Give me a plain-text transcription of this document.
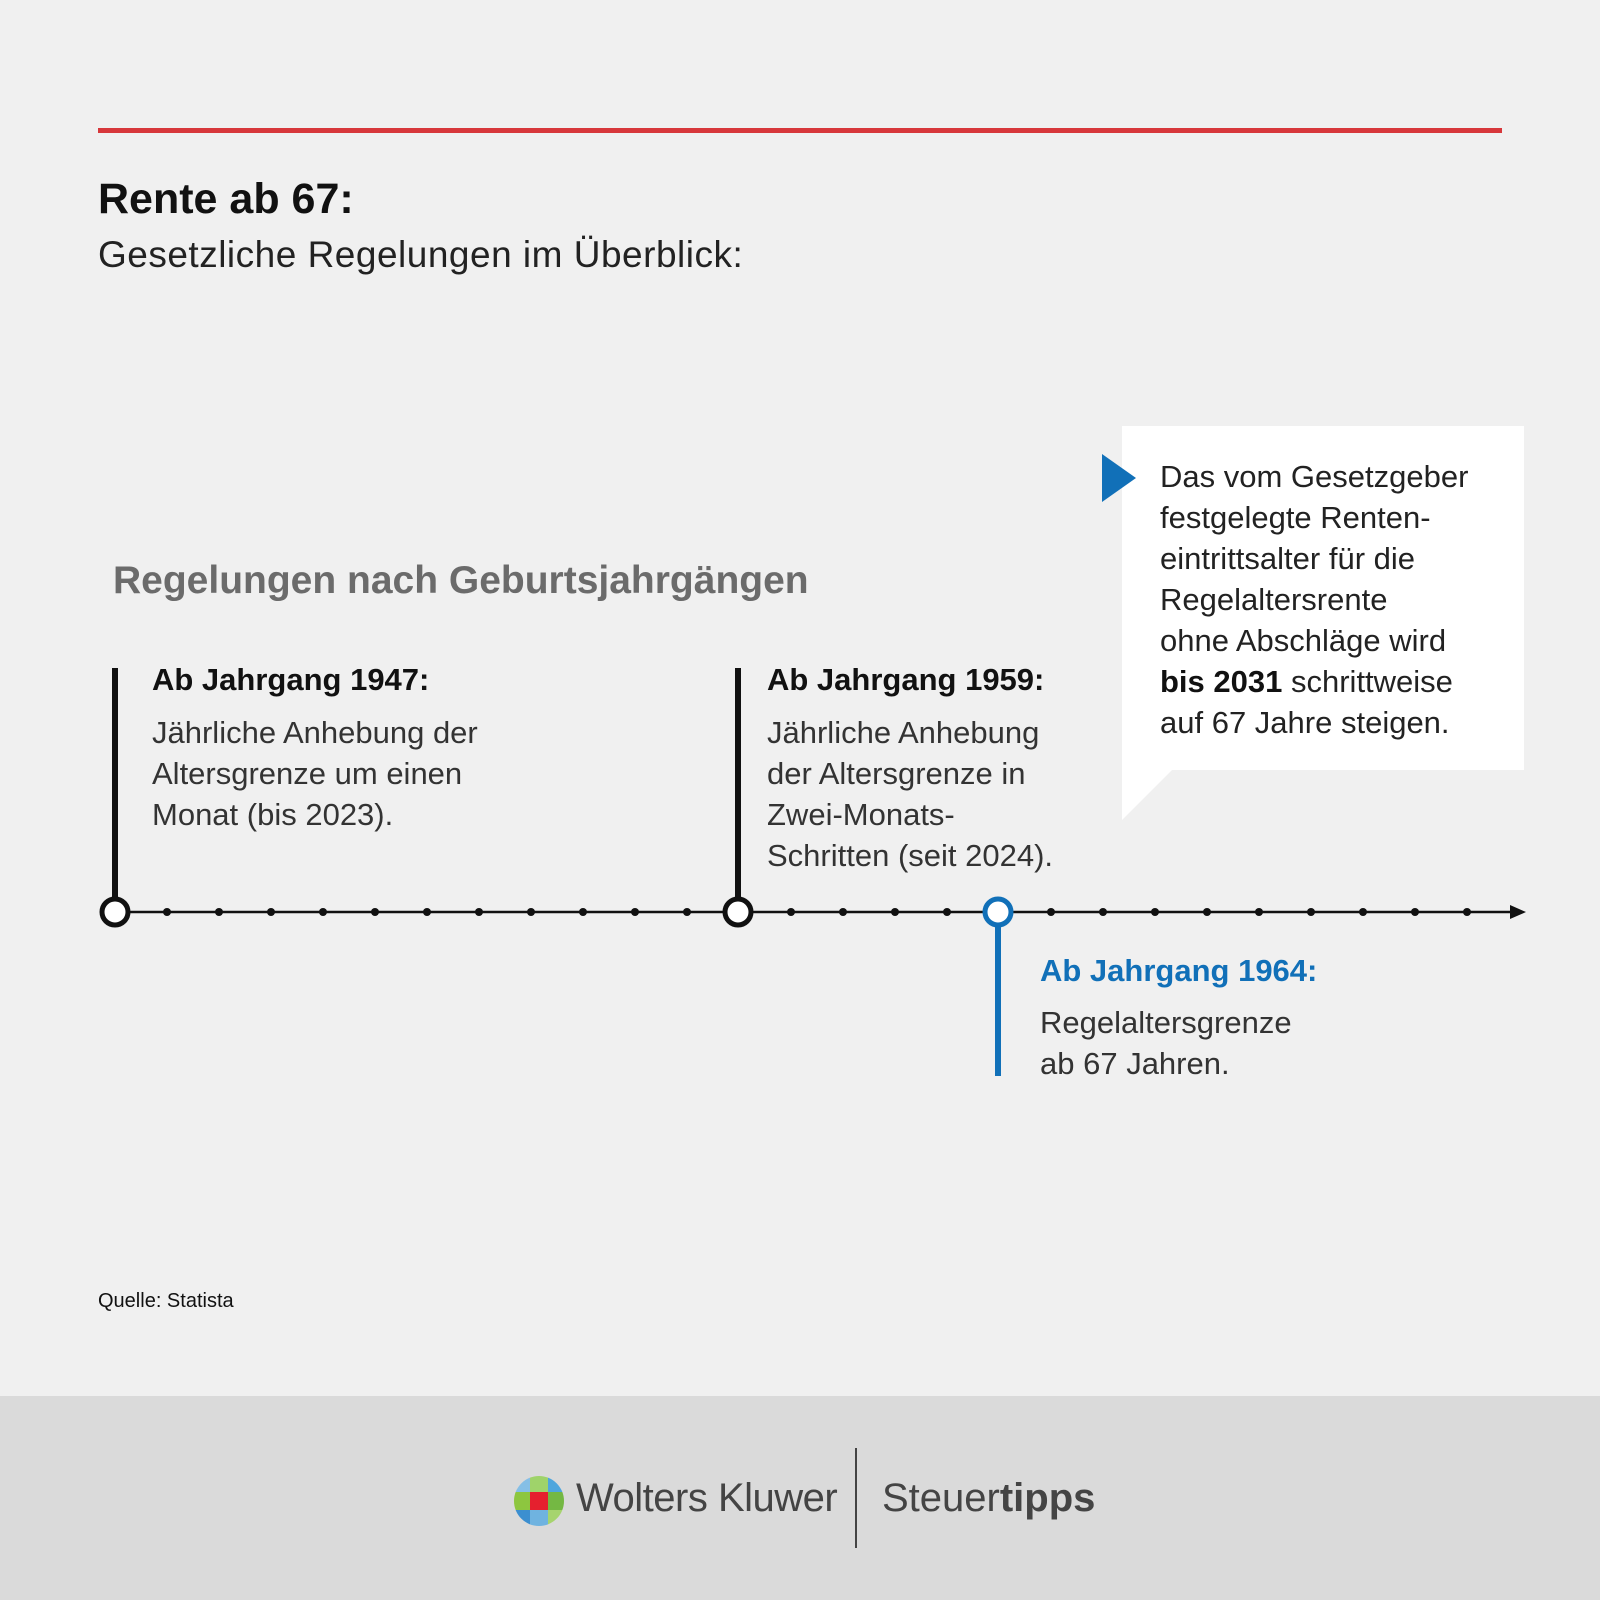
Rente ab 67:

Gesetzliche Regelungen im Überblick:

Regelungen nach Geburtsjahrgängen
Das vom Gesetzgeber
festgelegte Renten-
eintrittsalter für die
Regelaltersrente
ohne Abschläge wird
bis 2031 schrittweise
auf 67 Jahre steigen.
Ab Jahrgang 1947:
Jährliche Anhebung der
Altersgrenze um einen
Monat (bis 2023).
Ab Jahrgang 1959:
Jährliche Anhebung
der Altersgrenze in
Zwei-Monats-
Schritten (seit 2024).
Ab Jahrgang 1964:
Regelaltersgrenze
ab 67 Jahren.
Quelle: Statista
Wolters Kluwer Steuertipps
